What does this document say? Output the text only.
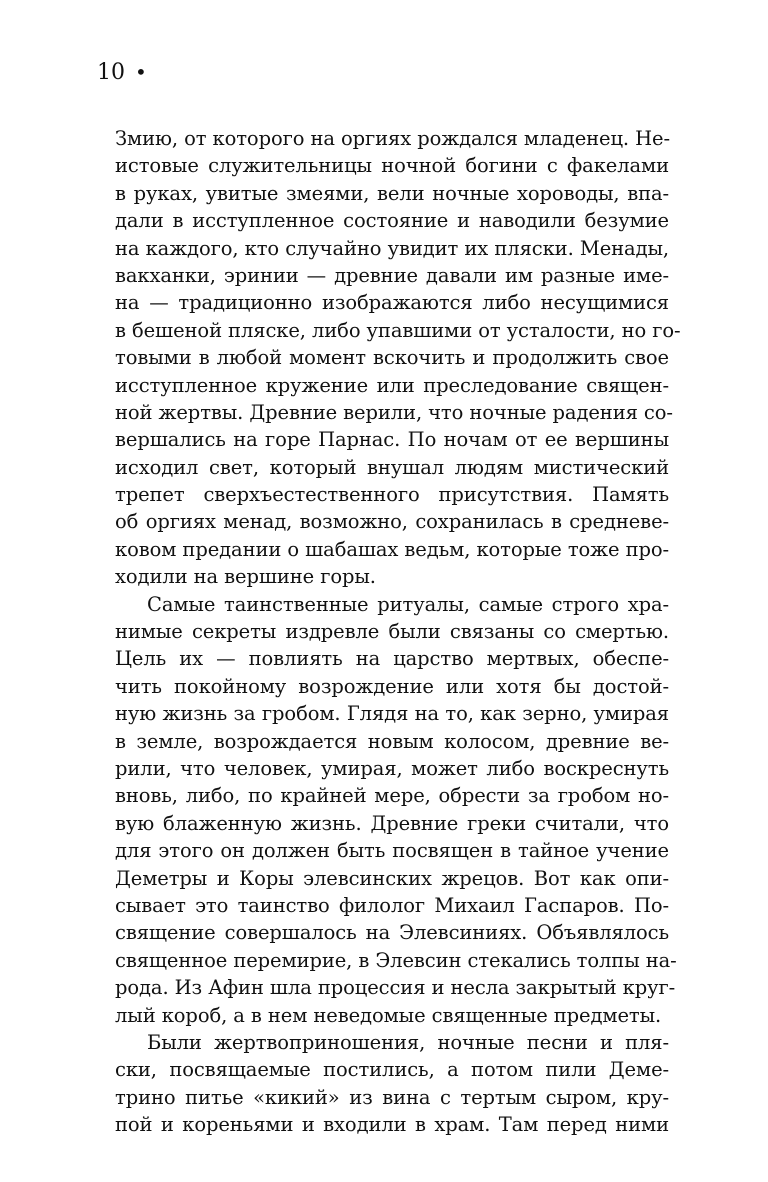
10 •
Змию, от которого на оргиях рождался младенец. Не-
истовые служительницы ночной богини с факелами
в руках, увитые змеями, вели ночные хороводы, впа-
дали в исступленное состояние и наводили безумие
на каждого, кто случайно увидит их пляски. Менады,
вакханки, эринии — древние давали им разные име-
на — традиционно изображаются либо несущимися
в бешеной пляске, либо упавшими от усталости, но го-
товыми в любой момент вскочить и продолжить свое
исступленное кружение или преследование священ-
ной жертвы. Древние верили, что ночные радения со-
вершались на горе Парнас. По ночам от ее вершины
исходил свет, который внушал людям мистический
трепет сверхъестественного присутствия. Память
об оргиях менад, возможно, сохранилась в средневе-
ковом предании о шабашах ведьм, которые тоже про-
ходили на вершине горы.
Самые таинственные ритуалы, самые строго хра-
нимые секреты издревле были связаны со смертью.
Цель их — повлиять на царство мертвых, обеспе-
чить покойному возрождение или хотя бы достой-
ную жизнь за гробом. Глядя на то, как зерно, умирая
в земле, возрождается новым колосом, древние ве-
рили, что человек, умирая, может либо воскреснуть
вновь, либо, по крайней мере, обрести за гробом но-
вую блаженную жизнь. Древние греки считали, что
для этого он должен быть посвящен в тайное учение
Деметры и Коры элевсинских жрецов. Вот как опи-
сывает это таинство филолог Михаил Гаспаров. По-
священие совершалось на Элевсиниях. Объявлялось
священное перемирие, в Элевсин стекались толпы на-
рода. Из Афин шла процессия и несла закрытый круг-
лый короб, а в нем неведомые священные предметы.
Были жертвоприношения, ночные песни и пля-
ски, посвящаемые постились, а потом пили Деме-
трино питье «кикий» из вина с тертым сыром, кру-
пой и кореньями и входили в храм. Там перед ними
